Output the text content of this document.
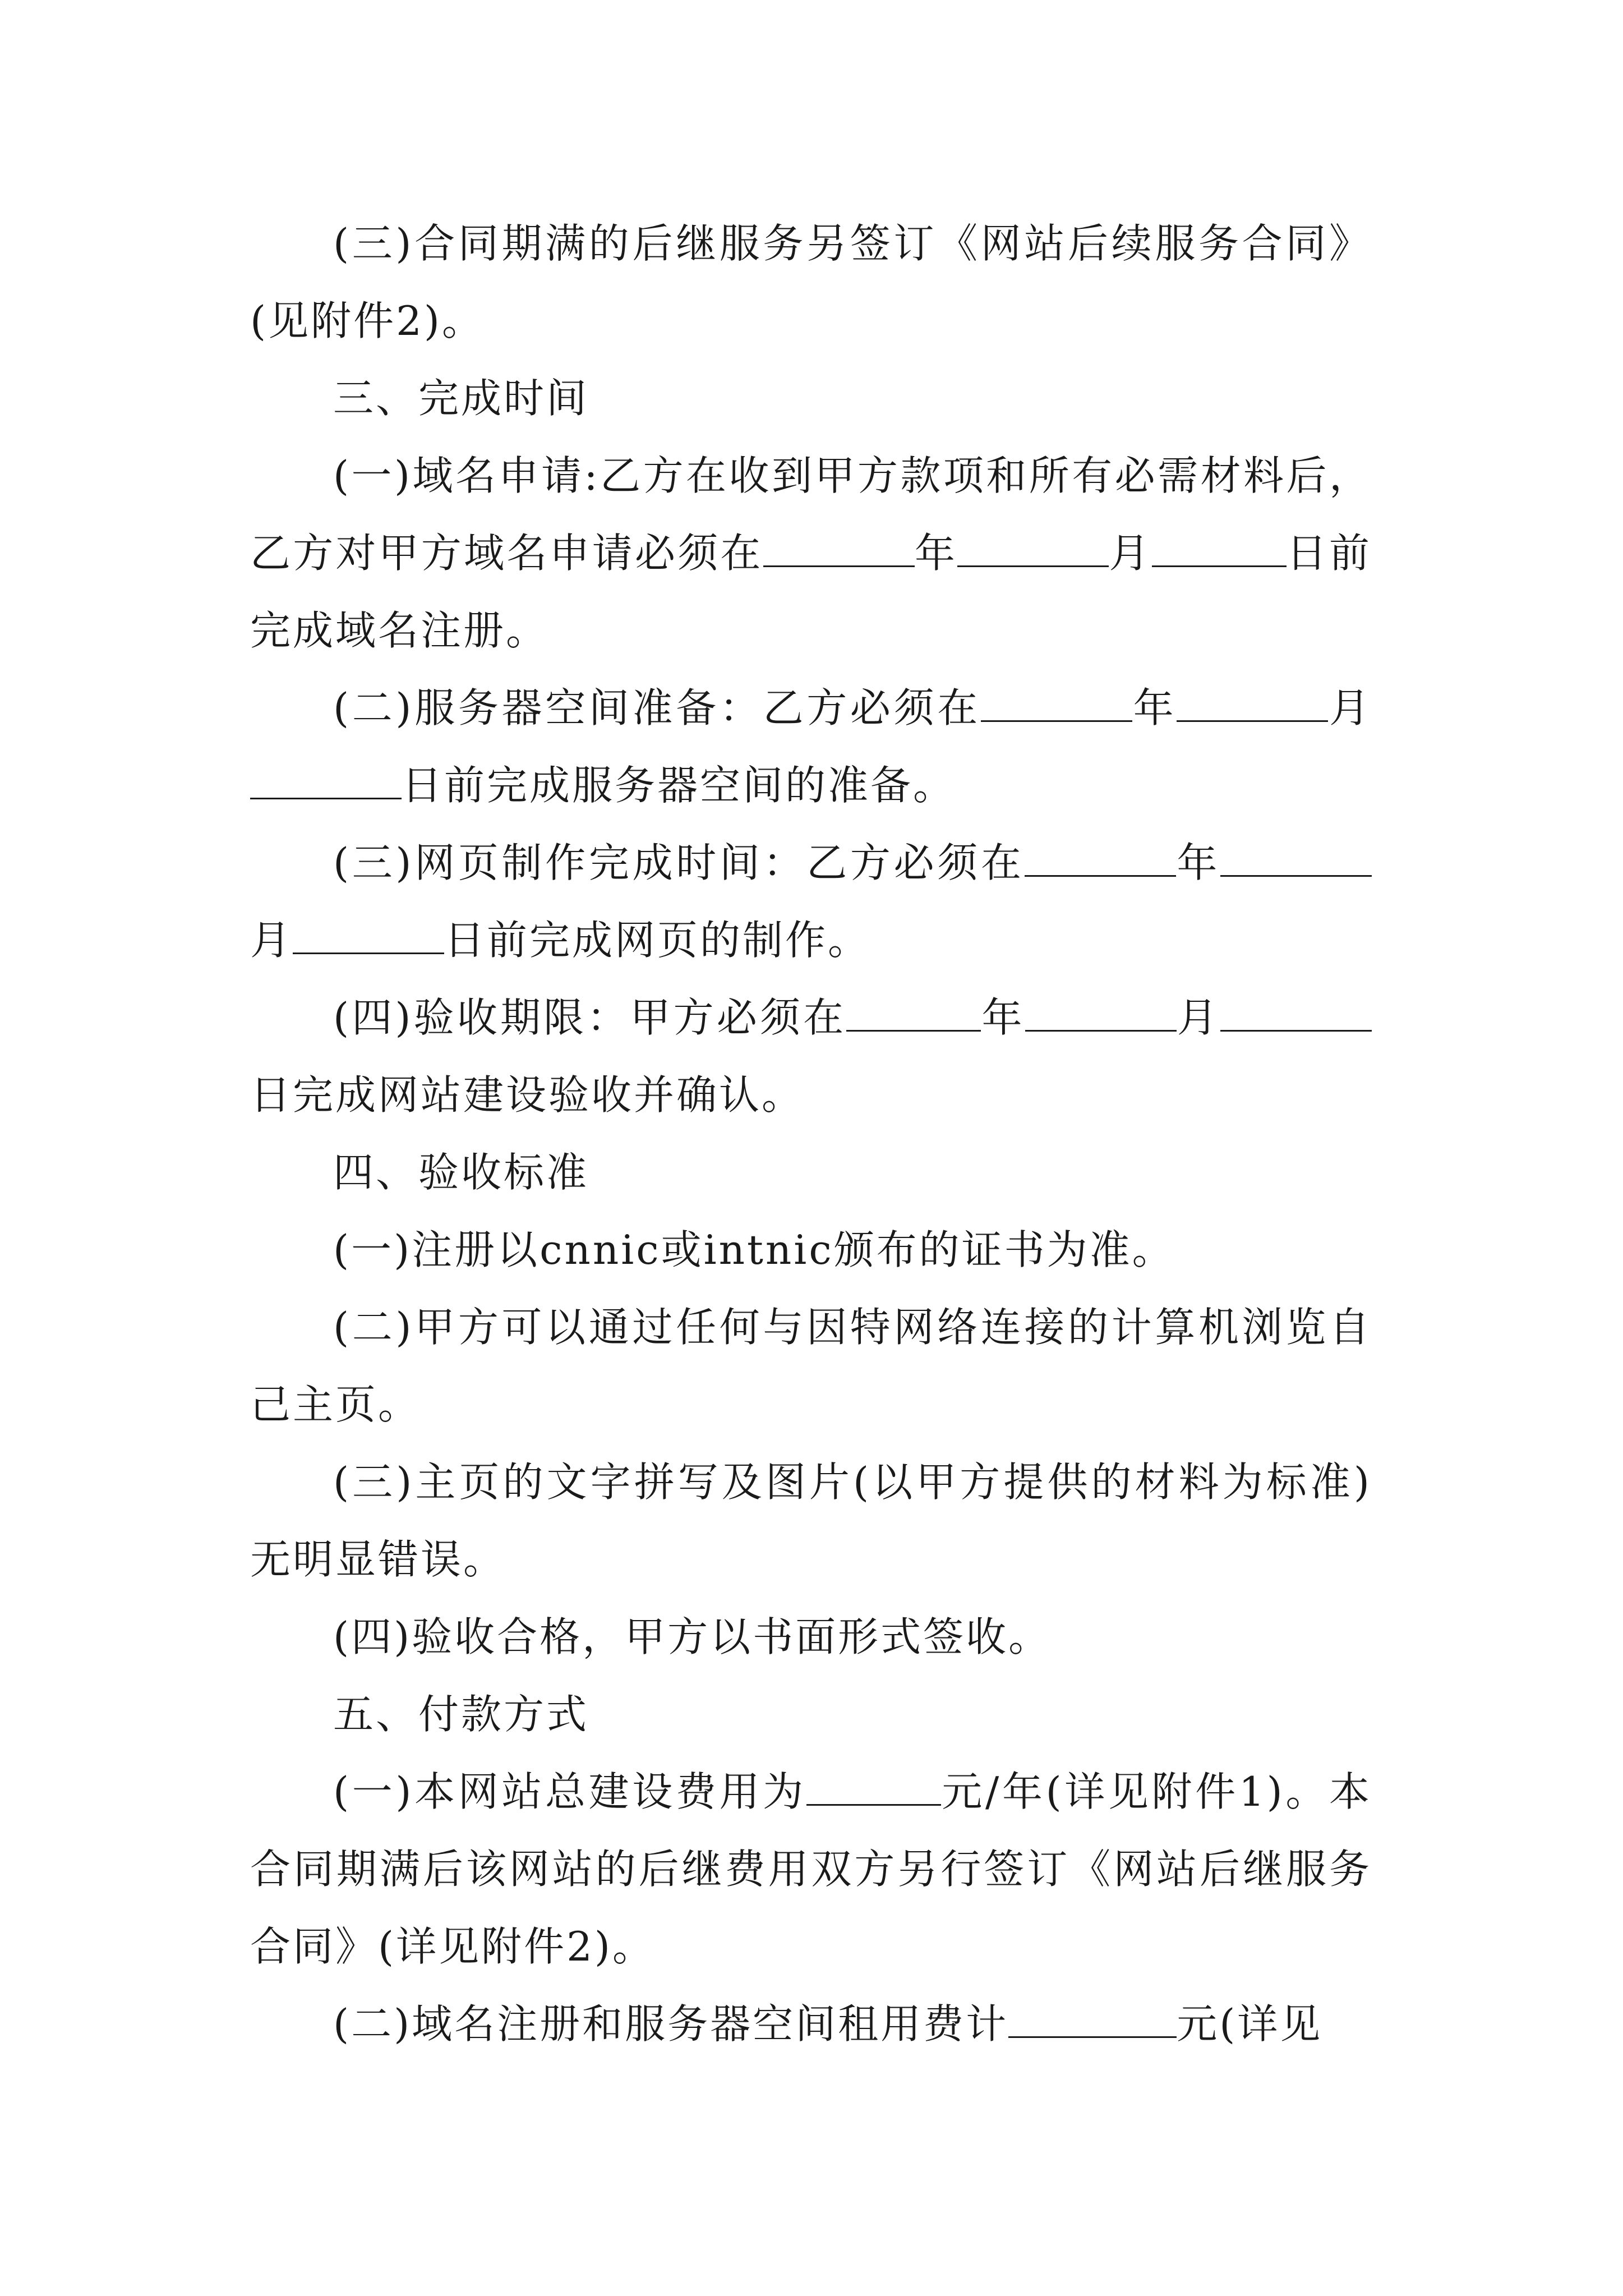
(三)合同期满的后继服务另签订《网站后续服务合同》(见附件2)。

三、完成时间

(一)域名申请:乙方在收到甲方款项和所有必需材料后，乙方对甲方域名申请必须在	年	月	日前完成域名注册。

(二)服务器空间准备：乙方必须在	年	月日前完成服务器空间的准备。

(三)网页制作完成时间：乙方必须在	年月	日前完成网页的制作。

(四)验收期限：甲方必须在	年	月日完成网站建设验收并确认。

四、验收标准

(一)注册以cnnic或intnic颁布的证书为准。

(二)甲方可以通过任何与因特网络连接的计算机浏览自己主页。

(三)主页的文字拼写及图片(以甲方提供的材料为标准)无明显错误。

(四)验收合格，甲方以书面形式签收。

五、付款方式

(一)本网站总建设费用为	元/年(详见附件1)。本合同期满后该网站的后继费用双方另行签订《网站后继服务合同》(详见附件2)。

(二)域名注册和服务器空间租用费计	元(详见
